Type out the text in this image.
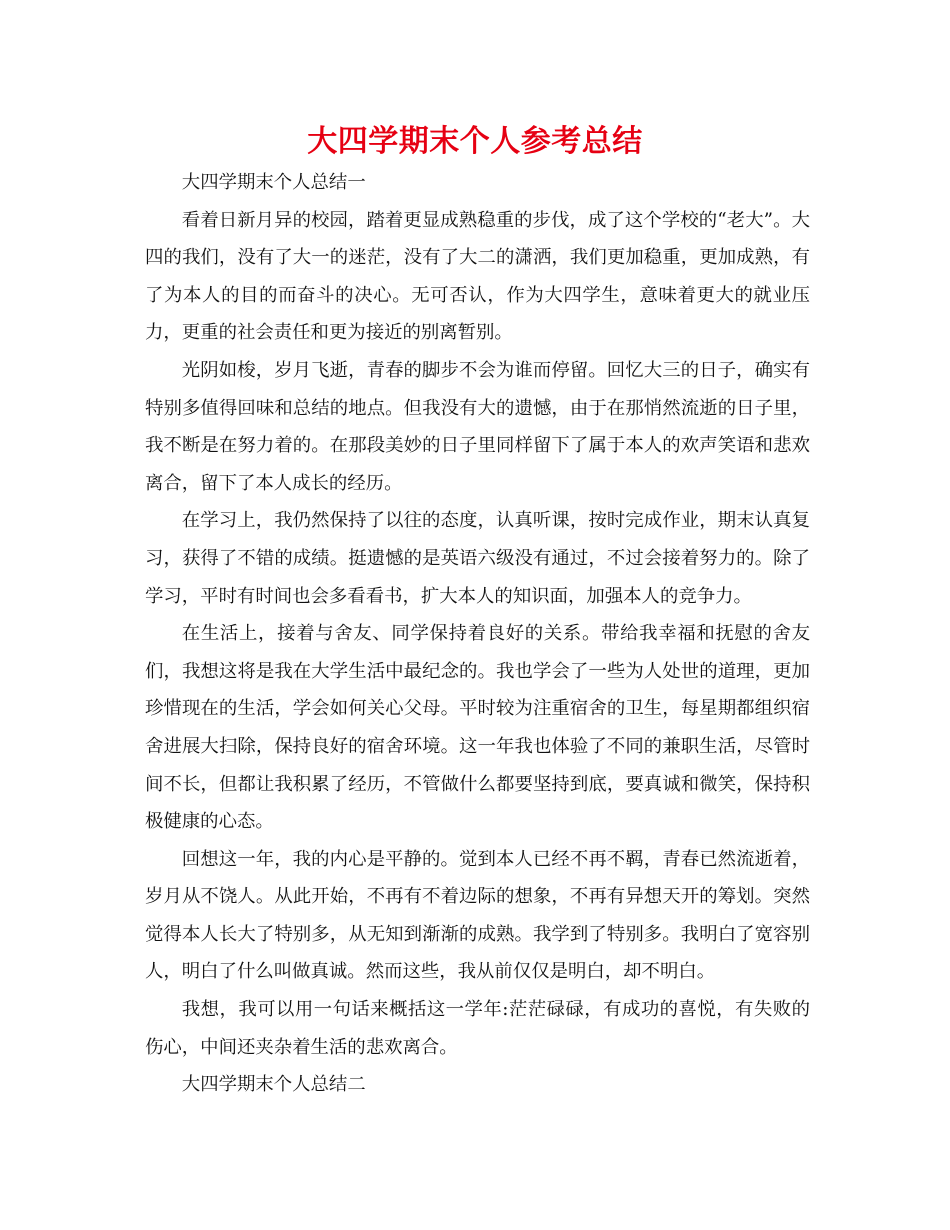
大四学期末个人参考总结

大四学期末个人总结一

看着日新月异的校园，踏着更显成熟稳重的步伐，成了这个学校的“老大”。大四的我们，没有了大一的迷茫，没有了大二的潇洒，我们更加稳重，更加成熟，有了为本人的目的而奋斗的决心。无可否认，作为大四学生，意味着更大的就业压力，更重的社会责任和更为接近的别离暂别。

光阴如梭，岁月飞逝，青春的脚步不会为谁而停留。回忆大三的日子，确实有特别多值得回味和总结的地点。但我没有大的遗憾，由于在那悄然流逝的日子里，我不断是在努力着的。在那段美妙的日子里同样留下了属于本人的欢声笑语和悲欢离合，留下了本人成长的经历。

在学习上，我仍然保持了以往的态度，认真听课，按时完成作业，期末认真复习，获得了不错的成绩。挺遗憾的是英语六级没有通过，不过会接着努力的。除了学习，平时有时间也会多看看书，扩大本人的知识面，加强本人的竞争力。

在生活上，接着与舍友、同学保持着良好的关系。带给我幸福和抚慰的舍友们，我想这将是我在大学生活中最纪念的。我也学会了一些为人处世的道理，更加珍惜现在的生活，学会如何关心父母。平时较为注重宿舍的卫生，每星期都组织宿舍进展大扫除，保持良好的宿舍环境。这一年我也体验了不同的兼职生活，尽管时间不长，但都让我积累了经历，不管做什么都要坚持到底，要真诚和微笑，保持积极健康的心态。

回想这一年，我的内心是平静的。觉到本人已经不再不羁，青春已然流逝着，岁月从不饶人。从此开始，不再有不着边际的想象，不再有异想天开的筹划。突然觉得本人长大了特别多，从无知到渐渐的成熟。我学到了特别多。我明白了宽容别人，明白了什么叫做真诚。然而这些，我从前仅仅是明白，却不明白。

我想，我可以用一句话来概括这一学年:茫茫碌碌，有成功的喜悦，有失败的伤心，中间还夹杂着生活的悲欢离合。

大四学期末个人总结二
